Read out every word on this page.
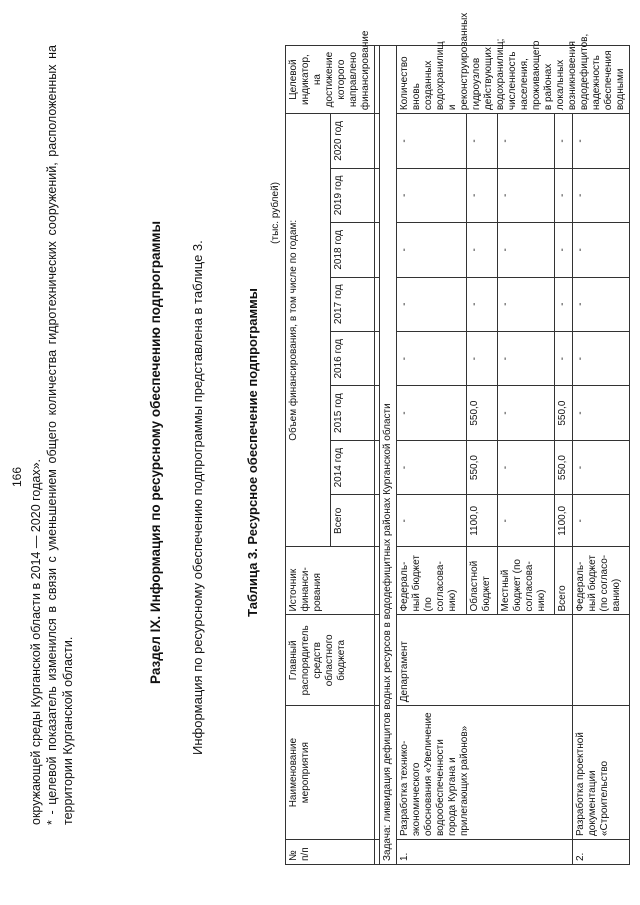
166 окружающей среды Курганской области в 2014 — 2020 годах». * - целевой показатель изменился в связи с уменьшением общего количества гидротехнических сооружений, расположенных на территории Курганской области.
Раздел IX. Информация по ресурсному обеспечению подпрограммы Информация по ресурсному обеспечению подпрограммы представлена в таблице 3.	Таблица 3. Ресурсное обеспечение подпрограммы
(тыс. рублей)
№ п/п	Наименование мероприятия	Главный распорядитель средств областного бюджета	Источник финанси-рования	Объем финансирования, в том числе по годам:								Целевой индикатор, на достижение которого направлено финансирование
				Всего	2014 год	2015 год	2016 год	2017 год	2018 год	2019 год	2020 год	

Задача: ликвидация дефицитов водных ресурсов в вододефицитных районах Курганской области												
1.	Разработка технико-экономического обоснования «Увеличение водообеспеченности города Кургана и прилегающих районов»	Департамент	Федераль-ный бюджет (по согласова-нию)	-	-	-	-	-	-	-	-	Количество вновь созданных водохранилищ и реконструированных гидроузлов действующих водохранилищ; численность населения, проживающего в районах локальных возникновения вододефицитов, надежность обеспечения водными
			Областной бюджет	1100,0	550,0	550,0	-	-	-	-	-	
			Местный бюджет (по согласова-нию)	-	-	-	-	-	-	-	-	
			Всего	1100,0	550,0	550,0	-	-	-	-	-	
2.	Разработка проектной документации «Строительство		Федераль-ный бюджет (по согласо-ванию)	-	-	-	-	-	-	-	-	
